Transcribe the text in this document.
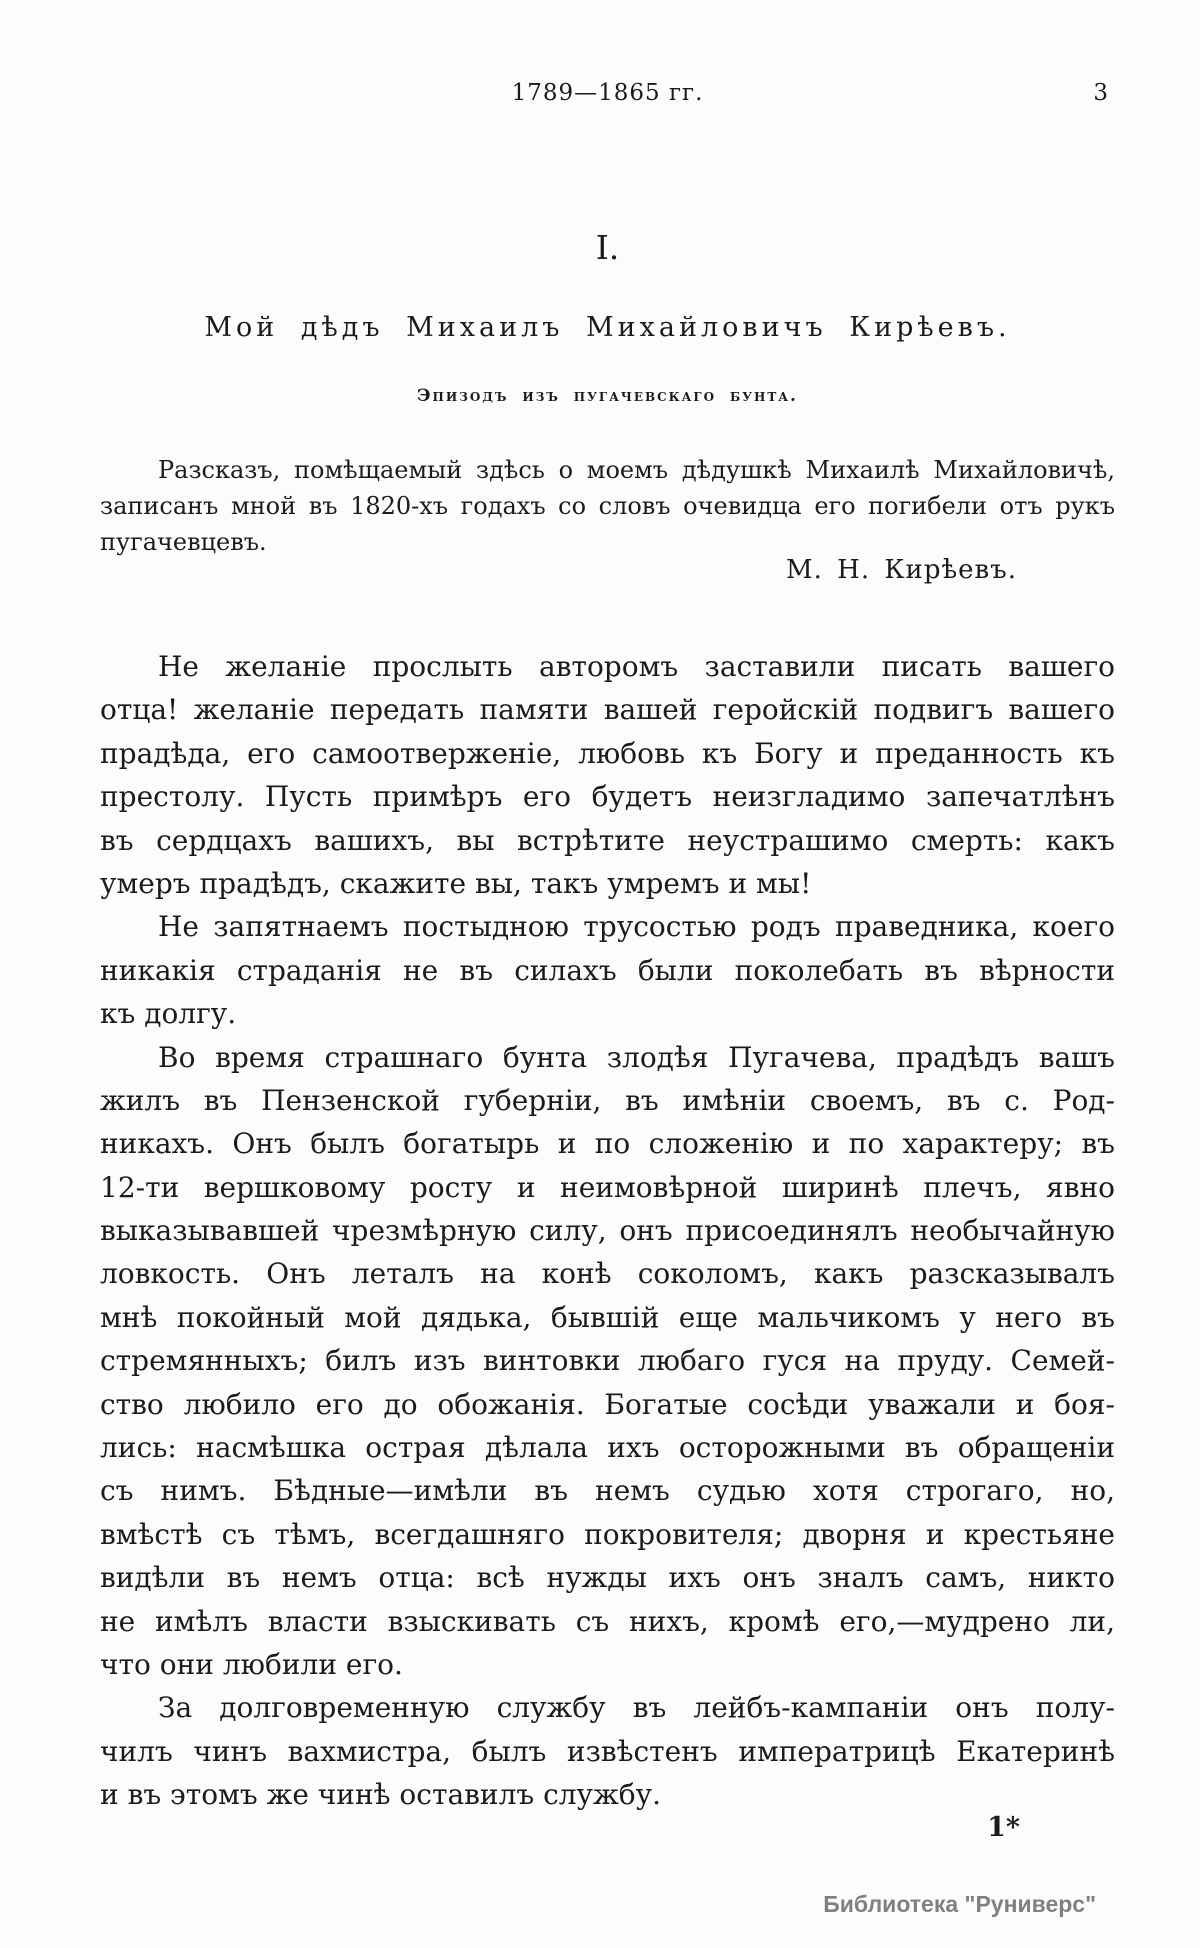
1789—1865 гг.	3
I.
Мой дѣдъ Михаилъ Михайловичъ Кирѣевъ.
Эпизодъ изъ пугачевскаго бунта.
Разсказъ, помѣщаемый здѣсь о моемъ дѣдушкѣ Михаилѣ Михайловичѣ,
записанъ мной въ 1820-хъ годахъ со словъ очевидца его погибели отъ рукъ
пугачевцевъ.
М. Н. Кирѣевъ.
Не желаніе прослыть авторомъ заставили писать вашего
отца! желаніе передать памяти вашей геройскій подвигъ вашего
прадѣда, его самоотверженіе, любовь къ Богу и преданность къ
престолу. Пусть примѣръ его будетъ неизгладимо запечатлѣнъ
въ сердцахъ вашихъ, вы встрѣтите неустрашимо смерть: какъ
умеръ прадѣдъ, скажите вы, такъ умремъ и мы!
Не запятнаемъ постыдною трусостью родъ праведника, коего
никакія страданія не въ силахъ были поколебать въ вѣрности
къ долгу.
Во время страшнаго бунта злодѣя Пугачева, прадѣдъ вашъ
жилъ въ Пензенской губерніи, въ имѣніи своемъ, въ с. Род-
никахъ. Онъ былъ богатырь и по сложенію и по характеру; въ
12-ти вершковому росту и неимовѣрной ширинѣ плечъ, явно
выказывавшей чрезмѣрную силу, онъ присоединялъ необычайную
ловкость. Онъ леталъ на конѣ соколомъ, какъ разсказывалъ
мнѣ покойный мой дядька, бывшій еще мальчикомъ у него въ
стремянныхъ; билъ изъ винтовки любаго гуся на пруду. Семей-
ство любило его до обожанія. Богатые сосѣди уважали и боя-
лись: насмѣшка острая дѣлала ихъ осторожными въ обращеніи
съ нимъ. Бѣдные—имѣли въ немъ судью хотя строгаго, но,
вмѣстѣ съ тѣмъ, всегдашняго покровителя; дворня и крестьяне
видѣли въ немъ отца: всѣ нужды ихъ онъ зналъ самъ, никто
не имѣлъ власти взыскивать съ нихъ, кромѣ его,—мудрено ли,
что они любили его.
За долговременную службу въ лейбъ-кампаніи онъ полу-
чилъ чинъ вахмистра, былъ извѣстенъ императрицѣ Екатеринѣ
и въ этомъ же чинѣ оставилъ службу.
1*
Библиотека "Руниверс"
